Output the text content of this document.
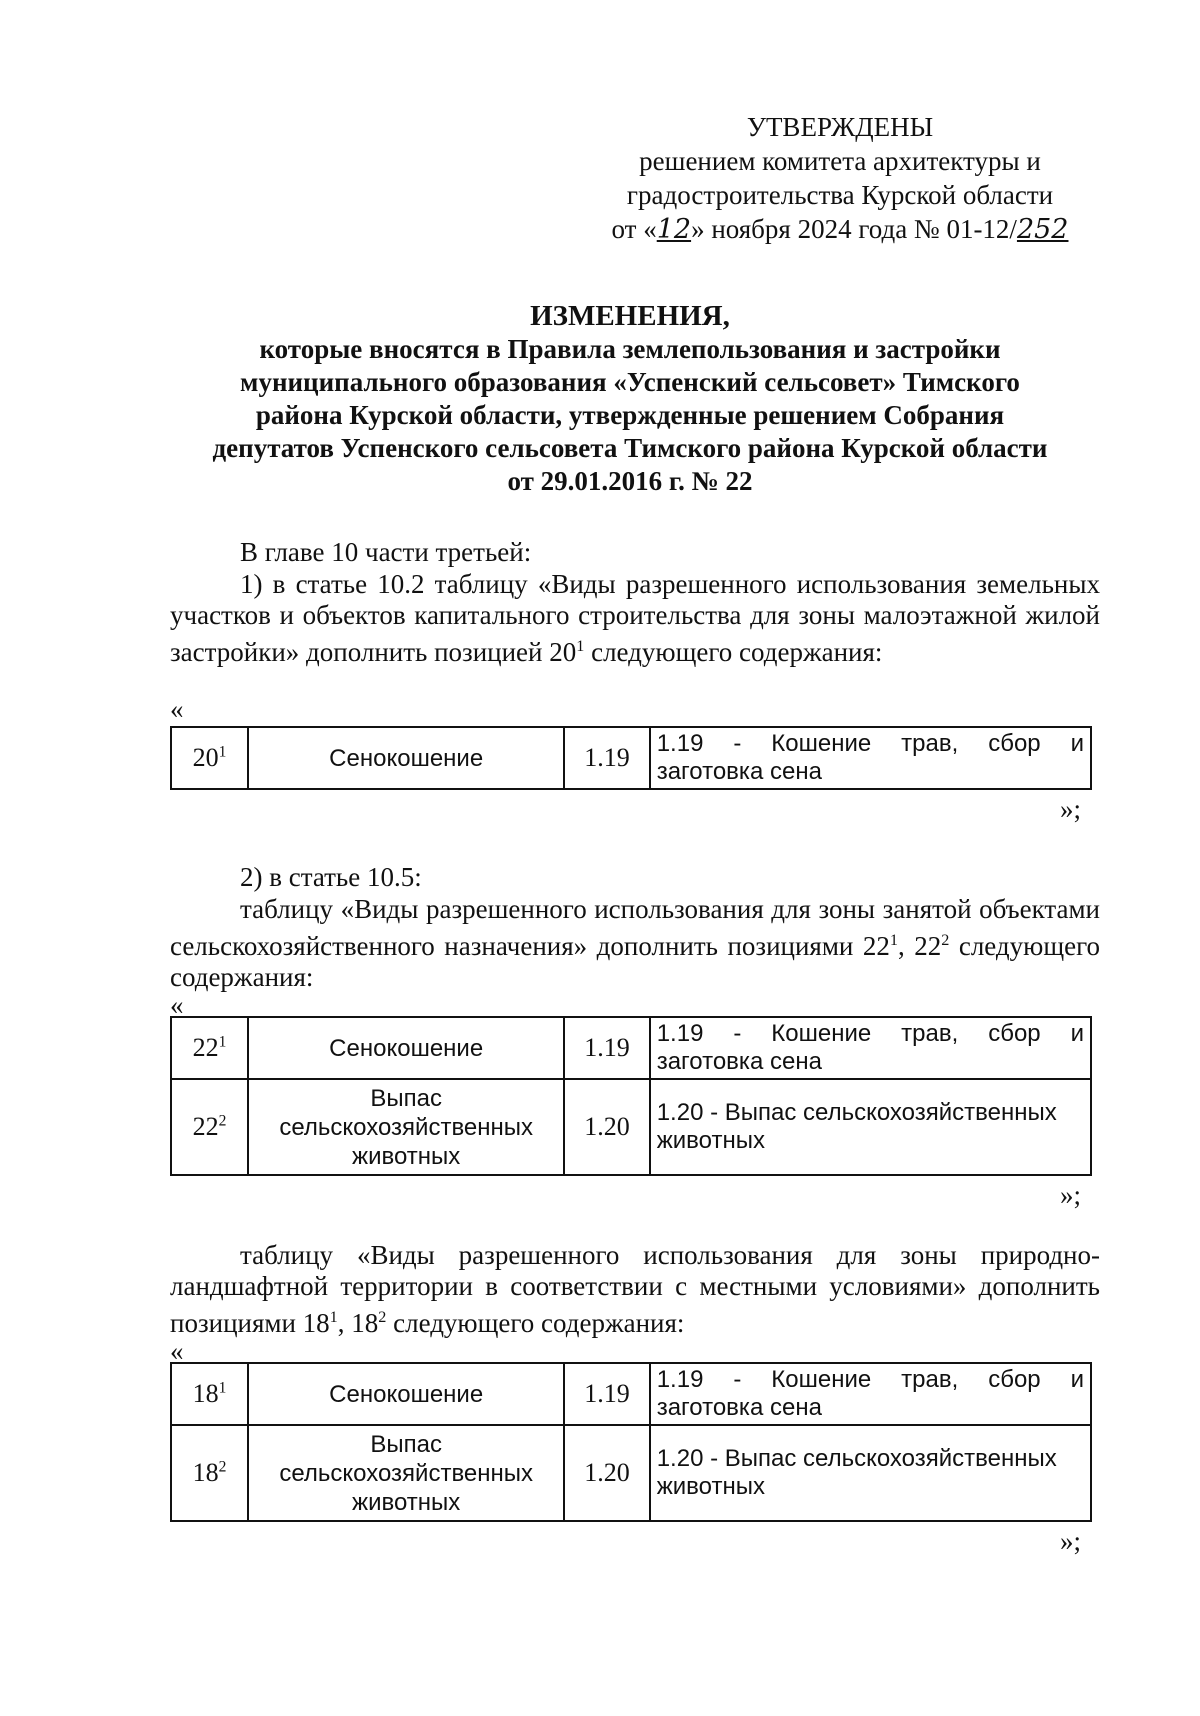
УТВЕРЖДЕНЫ
решением комитета архитектуры и
градостроительства Курской области
от «12» ноября 2024 года № 01-12/252
ИЗМЕНЕНИЯ,
которые вносятся в Правила землепользования и застройки
муниципального образования «Успенский сельсовет» Тимского
района Курской области, утвержденные решением Собрания
депутатов Успенского сельсовета Тимского района Курской области
от 29.01.2016 г. № 22
В главе 10 части третьей:
1) в статье 10.2 таблицу «Виды разрешенного использования земельных участков и объектов капитального строительства для зоны малоэтажной жилой застройки» дополнить позицией $20^1$ следующего содержания:
«
$20^1$	Сенокошение	1.19	1.19 - Кошение трав, сбор и
заготовка сена
»;
2) в статье 10.5:
таблицу «Виды разрешенного использования для зоны занятой объектами сельскохозяйственного назначения» дополнить позициями $22^1$, $22^2$ следующего содержания:
«
$22^1$	Сенокошение	1.19	1.19 - Кошение трав, сбор и
заготовка сена
$22^2$	Выпас сельскохозяйственных животных	1.20	1.20 - Выпас сельскохозяйственных
животных
»;
таблицу «Виды разрешенного использования для зоны природно-ландшафтной территории в соответствии с местными условиями» дополнить позициями $18^1$, $18^2$ следующего содержания:
«
$18^1$	Сенокошение	1.19	1.19 - Кошение трав, сбор и
заготовка сена
$18^2$	Выпас сельскохозяйственных животных	1.20	1.20 - Выпас сельскохозяйственных
животных
»;
